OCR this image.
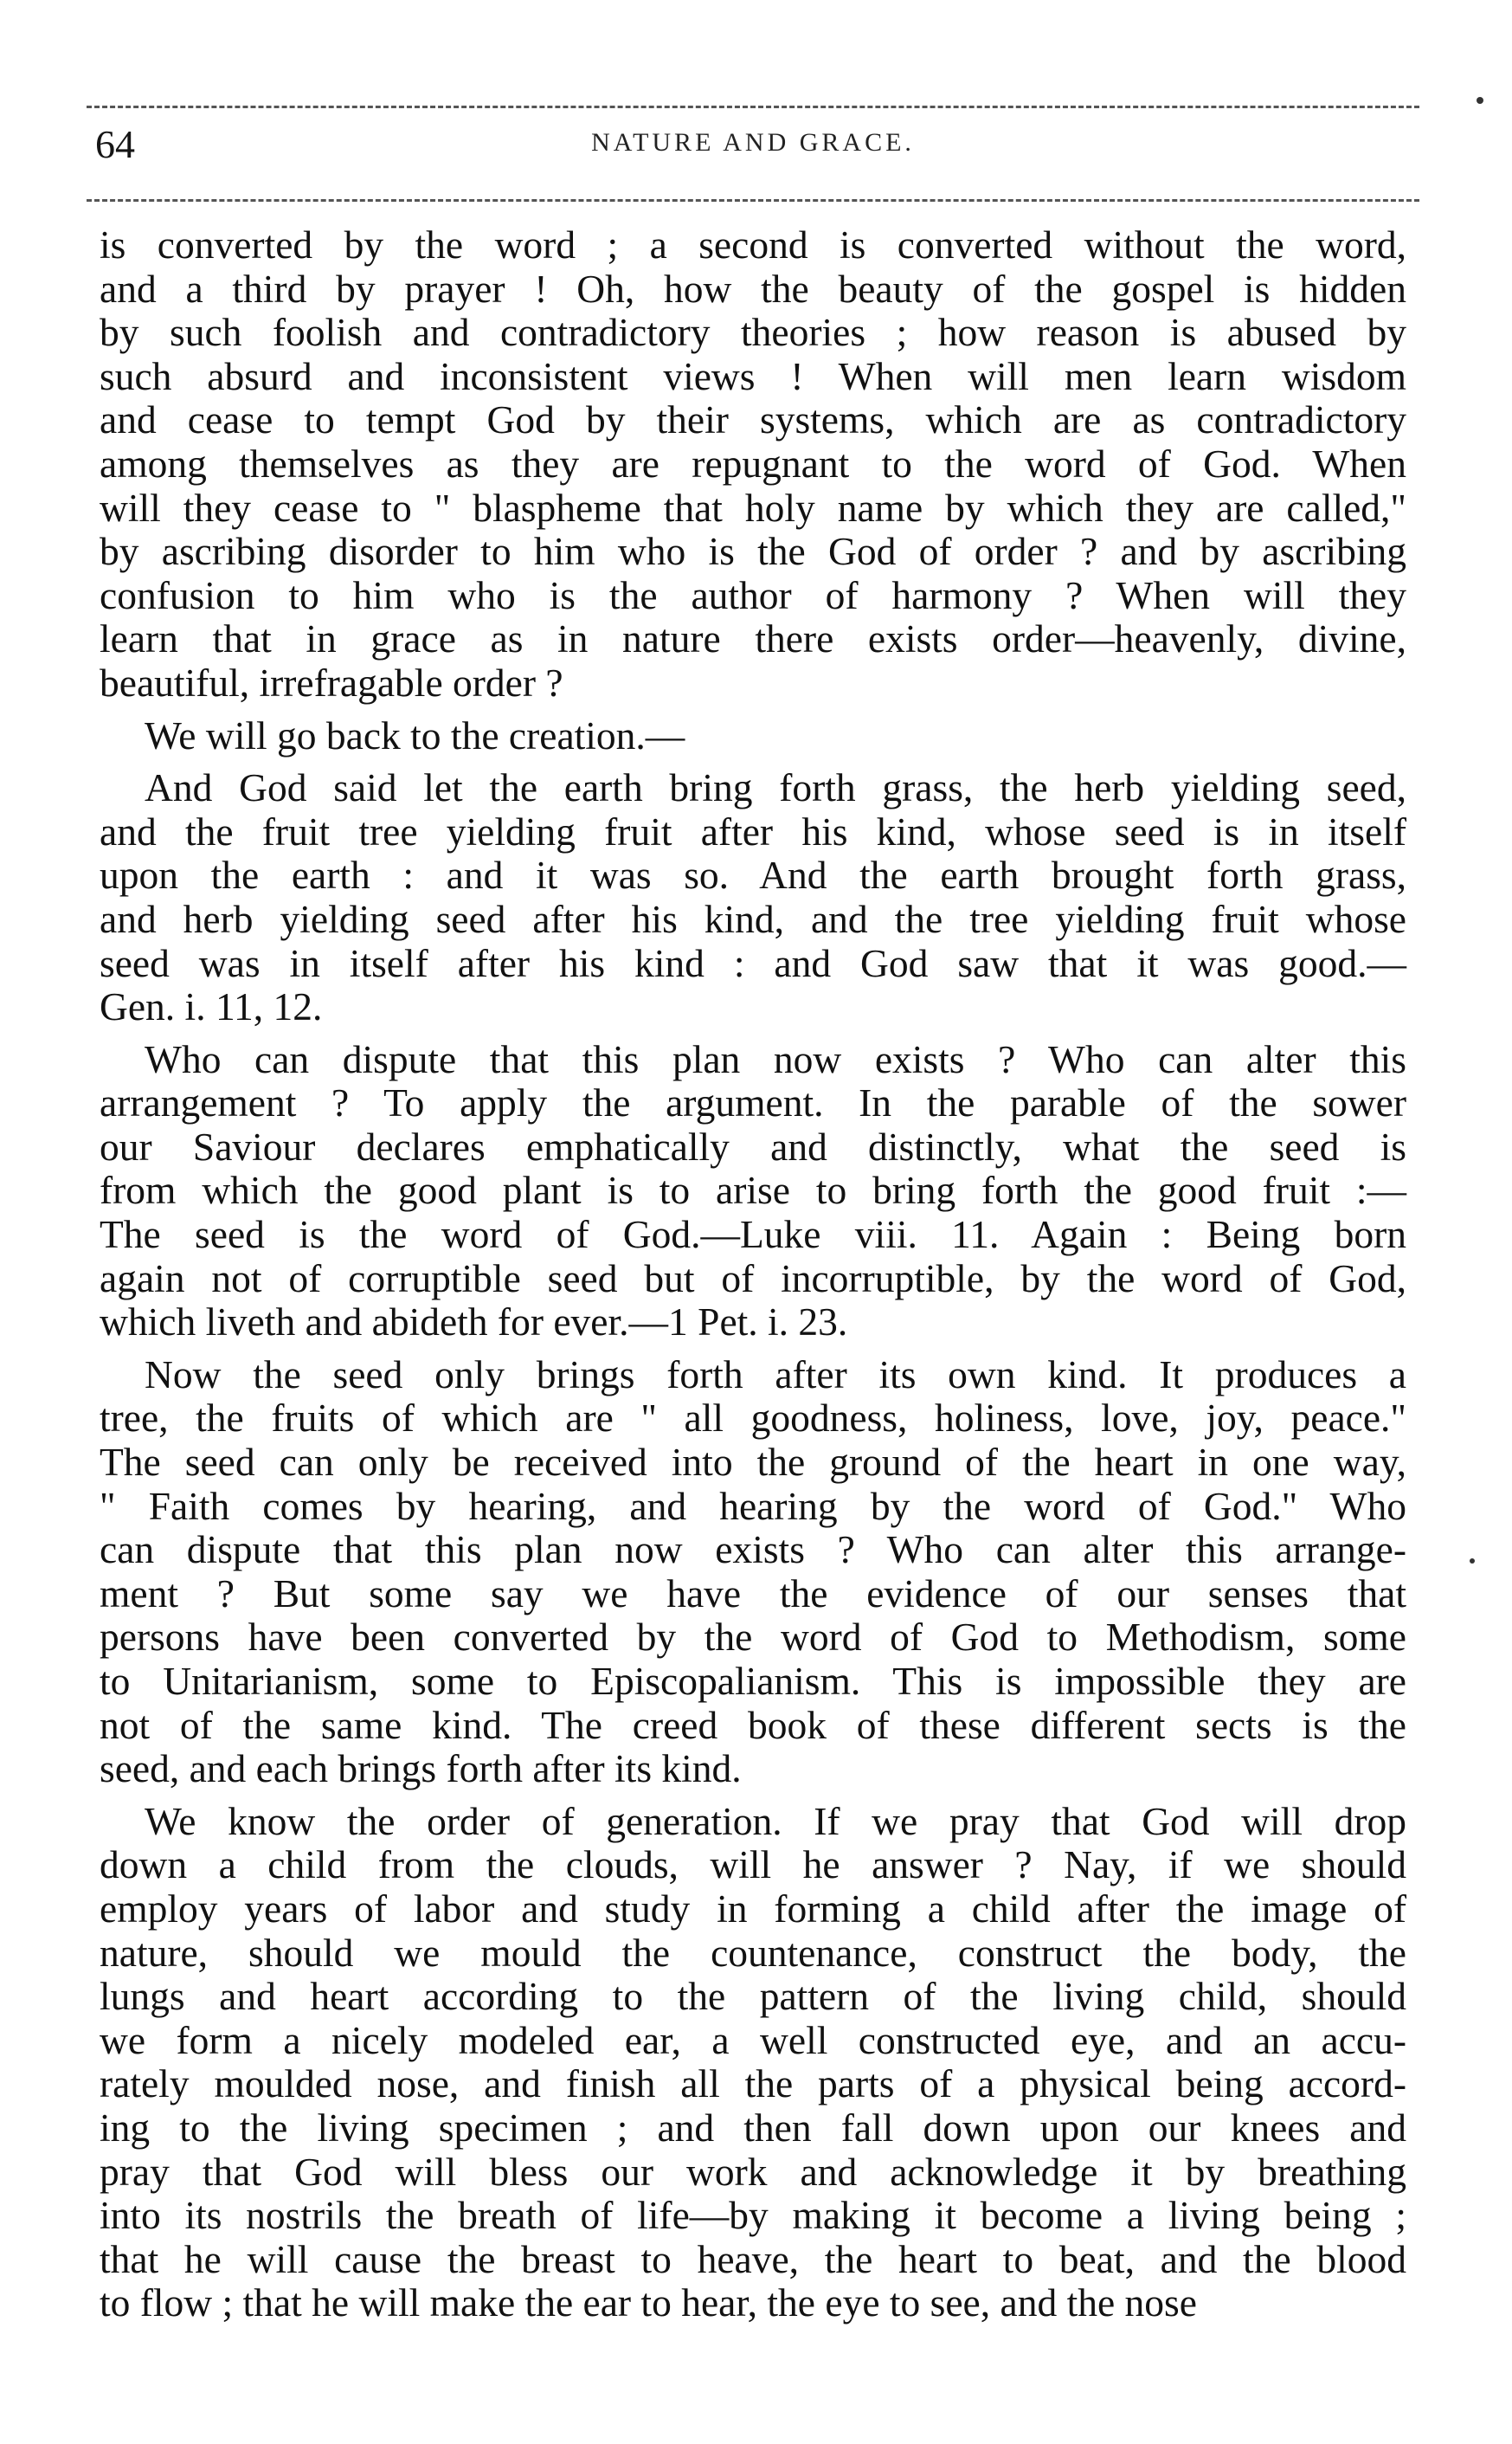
64	NATURE AND GRACE.
is converted by the word ; a second is converted without the word,
and a third by prayer ! Oh, how the beauty of the gospel is hidden
by such foolish and contradictory theories ; how reason is abused by
such absurd and inconsistent views ! When will men learn wisdom
and cease to tempt God by their systems, which are as contradictory
among themselves as they are repugnant to the word of God. When
will they cease to " blaspheme that holy name by which they are called,"
by ascribing disorder to him who is the God of order ? and by ascribing
confusion to him who is the author of harmony ? When will they
learn that in grace as in nature there exists order—heavenly, divine,
beautiful, irrefragable order ?
We will go back to the creation.—
And God said let the earth bring forth grass, the herb yielding seed,
and the fruit tree yielding fruit after his kind, whose seed is in itself
upon the earth : and it was so. And the earth brought forth grass,
and herb yielding seed after his kind, and the tree yielding fruit whose
seed was in itself after his kind : and God saw that it was good.—
Gen. i. 11, 12.
Who can dispute that this plan now exists ? Who can alter this
arrangement ? To apply the argument. In the parable of the sower
our Saviour declares emphatically and distinctly, what the seed is
from which the good plant is to arise to bring forth the good fruit :—
The seed is the word of God.—Luke viii. 11. Again : Being born
again not of corruptible seed but of incorruptible, by the word of God,
which liveth and abideth for ever.—1 Pet. i. 23.
Now the seed only brings forth after its own kind. It produces a
tree, the fruits of which are " all goodness, holiness, love, joy, peace."
The seed can only be received into the ground of the heart in one way,
" Faith comes by hearing, and hearing by the word of God." Who
can dispute that this plan now exists ? Who can alter this arrange-
ment ? But some say we have the evidence of our senses that
persons have been converted by the word of God to Methodism, some
to Unitarianism, some to Episcopalianism. This is impossible they are
not of the same kind. The creed book of these different sects is the
seed, and each brings forth after its kind.
We know the order of generation. If we pray that God will drop
down a child from the clouds, will he answer ? Nay, if we should
employ years of labor and study in forming a child after the image of
nature, should we mould the countenance, construct the body, the
lungs and heart according to the pattern of the living child, should
we form a nicely modeled ear, a well constructed eye, and an accu-
rately moulded nose, and finish all the parts of a physical being accord-
ing to the living specimen ; and then fall down upon our knees and
pray that God will bless our work and acknowledge it by breathing
into its nostrils the breath of life—by making it become a living being ;
that he will cause the breast to heave, the heart to beat, and the blood
to flow ; that he will make the ear to hear, the eye to see, and the nose
